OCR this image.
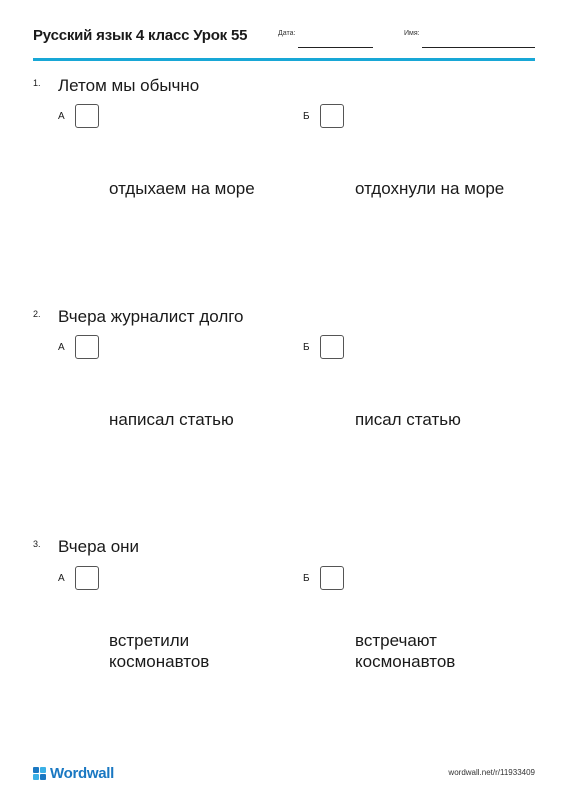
Русский язык 4 класс Урок 55	Дата:	Имя:
1. Летом мы обычно
А
отдыхаем на море
Б
отдохнули на море
2. Вчера журналист долго
А
написал статью
Б
писал статью
3. Вчера они
А
встретили космонавтов
Б
встречают космонавтов
Wordwall	wordwall.net/r/11933409
